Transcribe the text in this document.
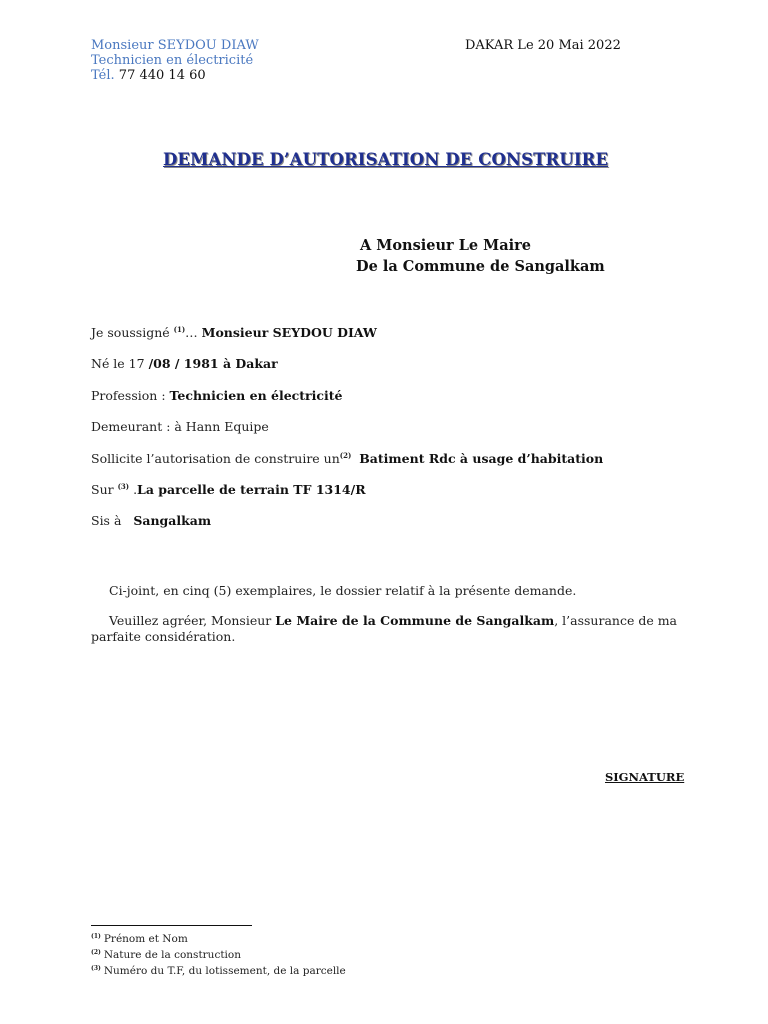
Monsieur SEYDOU DIAW
Technicien en électricité
Tél. 77 440 14 60
DAKAR Le 20 Mai 2022
DEMANDE D’AUTORISATION DE CONSTRUIRE
A Monsieur Le Maire
De la Commune de Sangalkam
Je soussigné $^{(1)}$… Monsieur SEYDOU DIAW
Né le 17 /08 / 1981 à Dakar
Profession : Technicien en électricité
Demeurant : à Hann Equipe
Sollicite l’autorisation de construire $un^{(2)}$ Batiment Rdc à usage d’habitation
Sur $^{(3)}$ .La parcelle de terrain TF 1314/R
Sis à Sangalkam
Ci-joint, en cinq (5) exemplaires, le dossier relatif à la présente demande.
Veuillez agréer, Monsieur Le Maire de la Commune de Sangalkam, l’assurance de ma parfaite considération.
SIGNATURE
$^{(1)}$ Prénom et Nom
$^{(2)}$ Nature de la construction
$^{(3)}$ Numéro du T.F, du lotissement, de la parcelle
